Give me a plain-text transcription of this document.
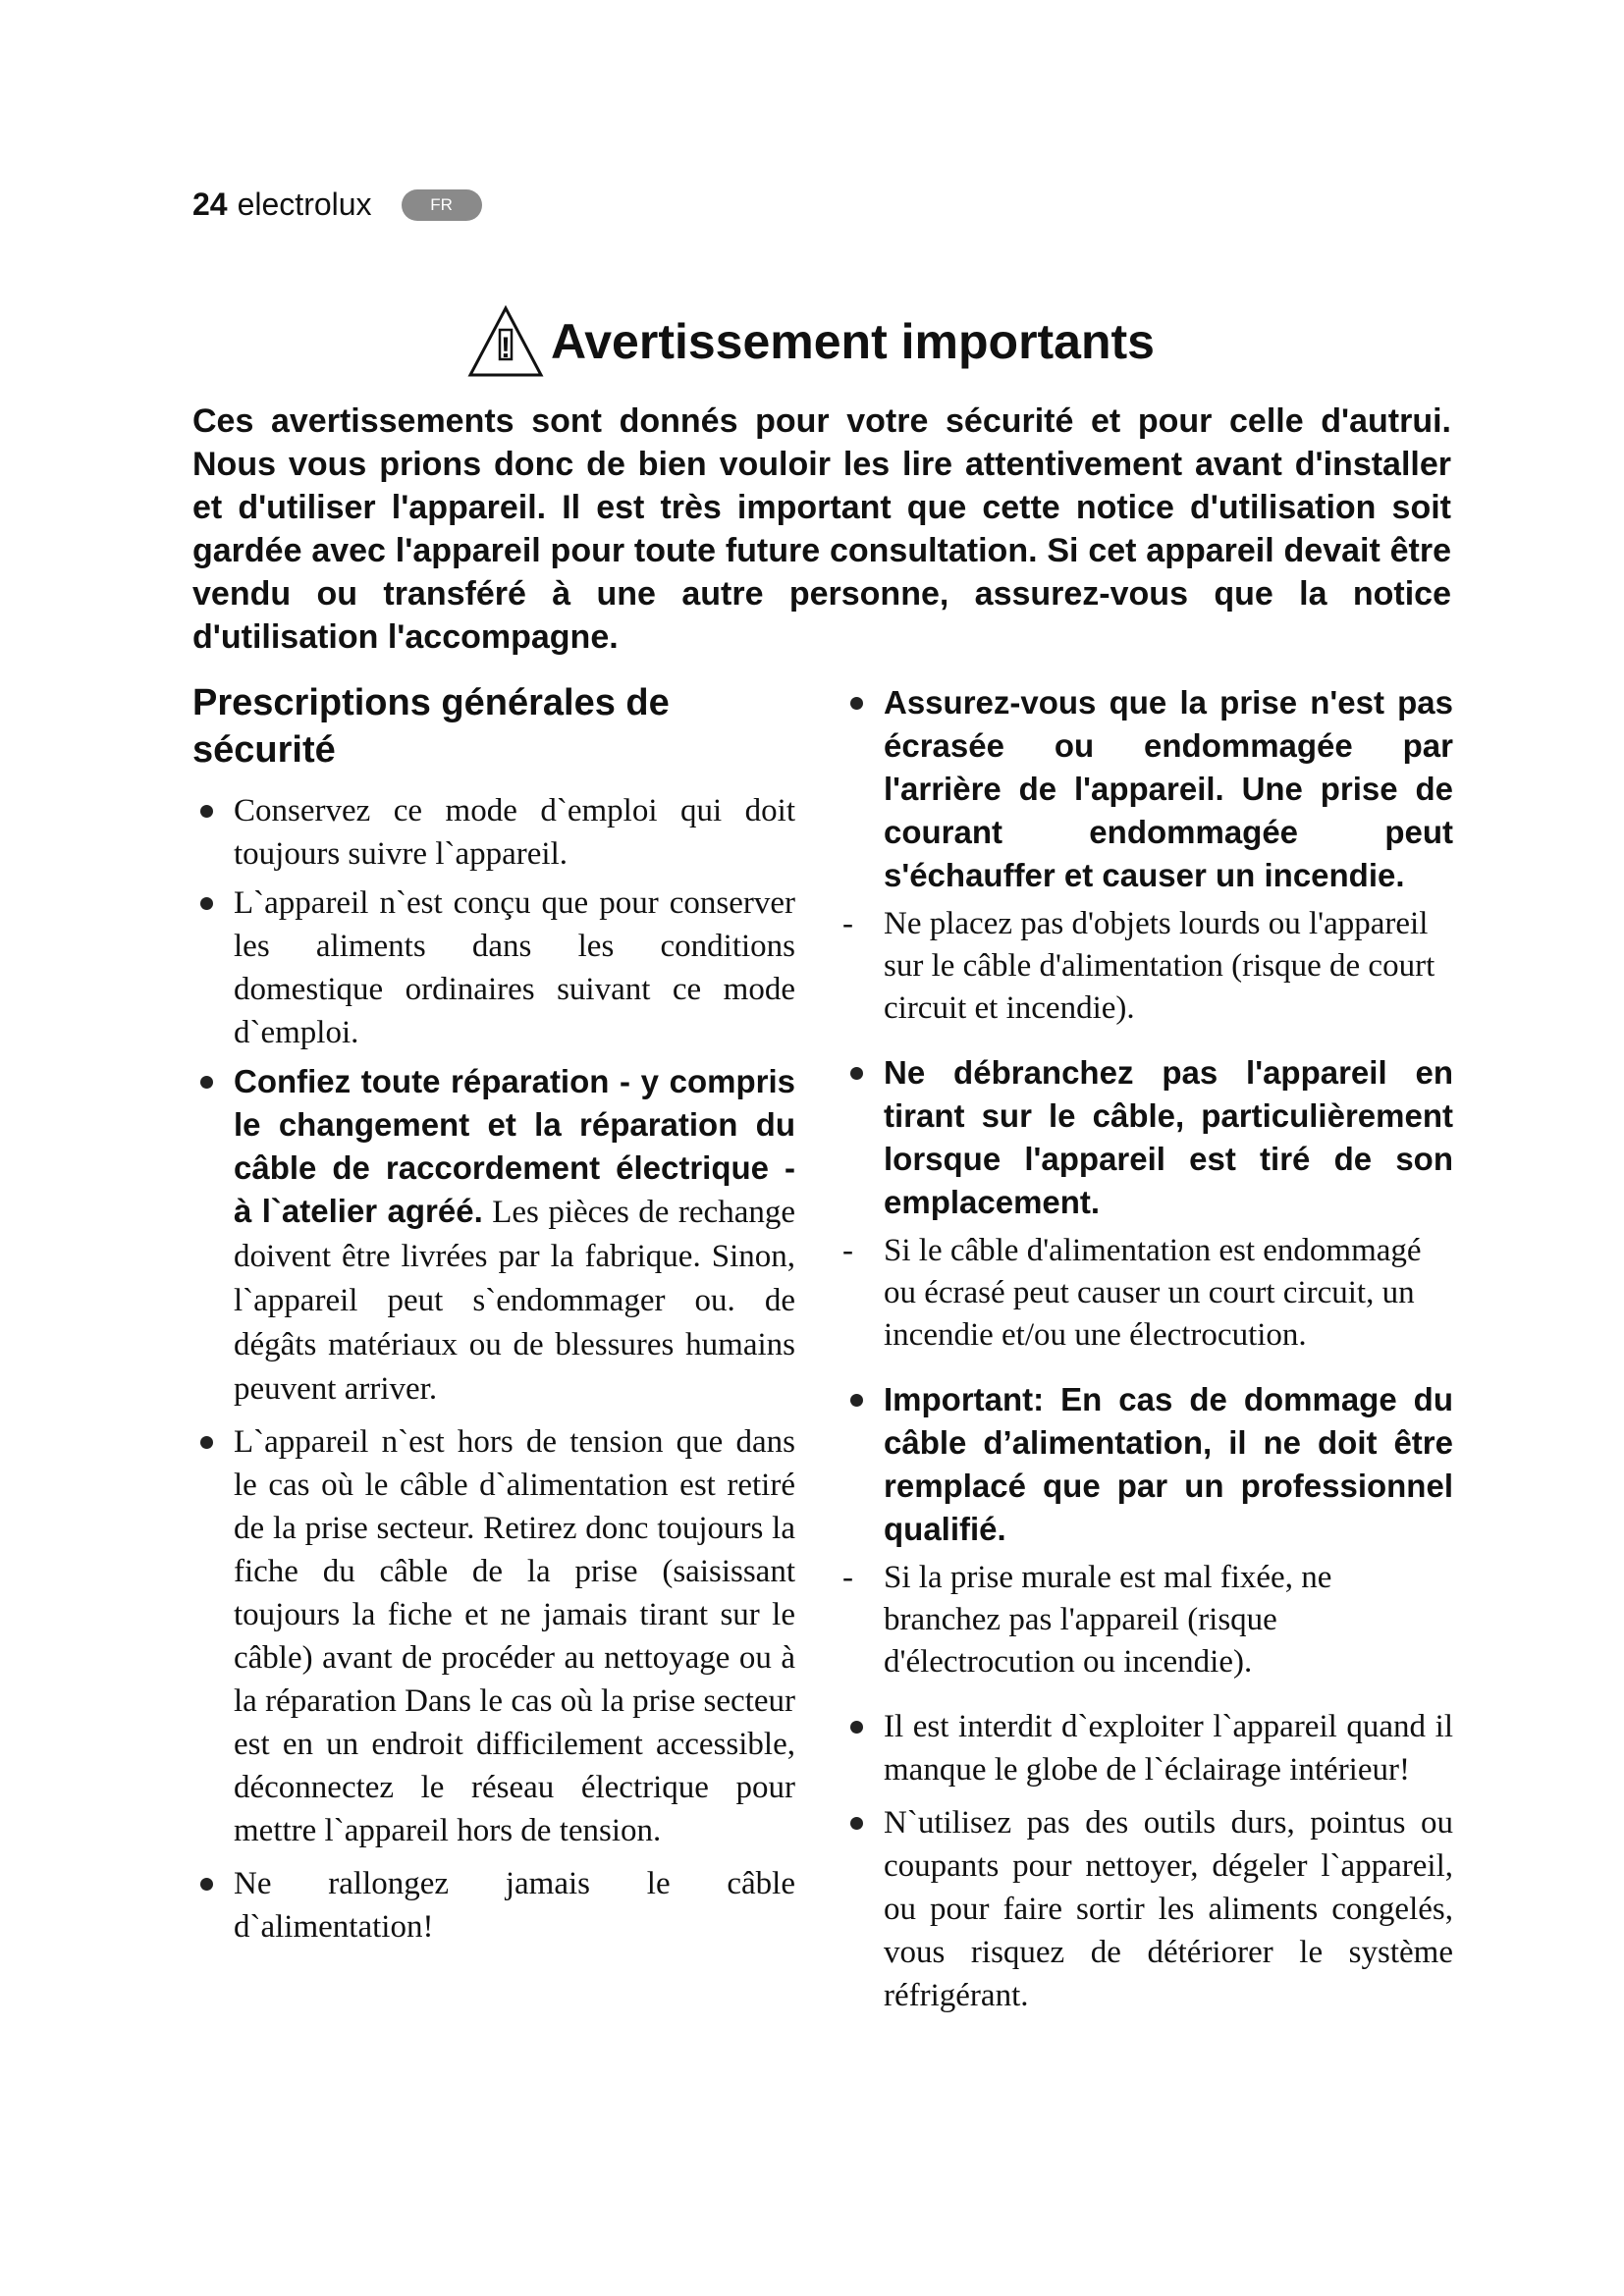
24 electrolux	FR
! Avertissement importants
Ces avertissements sont donnés pour votre sécurité et pour celle d'autrui. Nous vous prions donc de bien vouloir les lire attentivement avant d'installer et d'utiliser l'appareil. Il est très important que cette notice d'utilisation soit gardée avec l'appareil pour toute future consultation. Si cet appareil devait être vendu ou transféré à une autre personne, assurez-vous que la notice d'utilisation l'accompagne.
Prescriptions générales de sécurité
Conservez ce mode d`emploi qui doit toujours suivre l`appareil.
L`appareil n`est conçu que pour conserver les aliments dans les conditions domestique ordinaires suivant ce mode d`emploi.
Confiez toute réparation - y compris le changement et la réparation du câble de raccordement électrique - à l`atelier agréé. Les pièces de rechange doivent être livrées par la fabrique. Sinon, l`appareil peut s`endommager ou. de dégâts matériaux ou de blessures humains peuvent arriver.
L`appareil n`est hors de tension que dans le cas où le câble d`alimentation est retiré de la prise secteur. Retirez donc toujours la fiche du câble de la prise (saisissant toujours la fiche et ne jamais tirant sur le câble) avant de procéder au nettoyage ou à la réparation Dans le cas où la prise secteur est en un endroit difficilement accessible, déconnectez le réseau électrique pour mettre l`appareil hors de tension.
Ne rallongez jamais le câble d`alimentation!
Assurez-vous que la prise n'est pas écrasée ou endommagée par l'arrière de l'appareil. Une prise de courant endommagée peut s'échauffer et causer un incendie.
- Ne placez pas d'objets lourds ou l'appareil sur le câble d'alimentation (risque de court circuit et incendie).
Ne débranchez pas l'appareil en tirant sur le câble, particulièrement lorsque l'appareil est tiré de son emplacement.
- Si le câble d'alimentation est endommagé ou écrasé peut causer un court circuit, un incendie et/ou une électrocution.
Important: En cas de dommage du câble d’alimentation, il ne doit être remplacé que par un professionnel qualifié.
- Si la prise murale est mal fixée, ne branchez pas l'appareil (risque d'électrocution ou incendie).
Il est interdit d`exploiter l`appareil quand il manque le globe de l`éclairage intérieur!
N`utilisez pas des outils durs, pointus ou coupants pour nettoyer, dégeler l`appareil, ou pour faire sortir les aliments congelés, vous risquez de détériorer le système réfrigérant.
